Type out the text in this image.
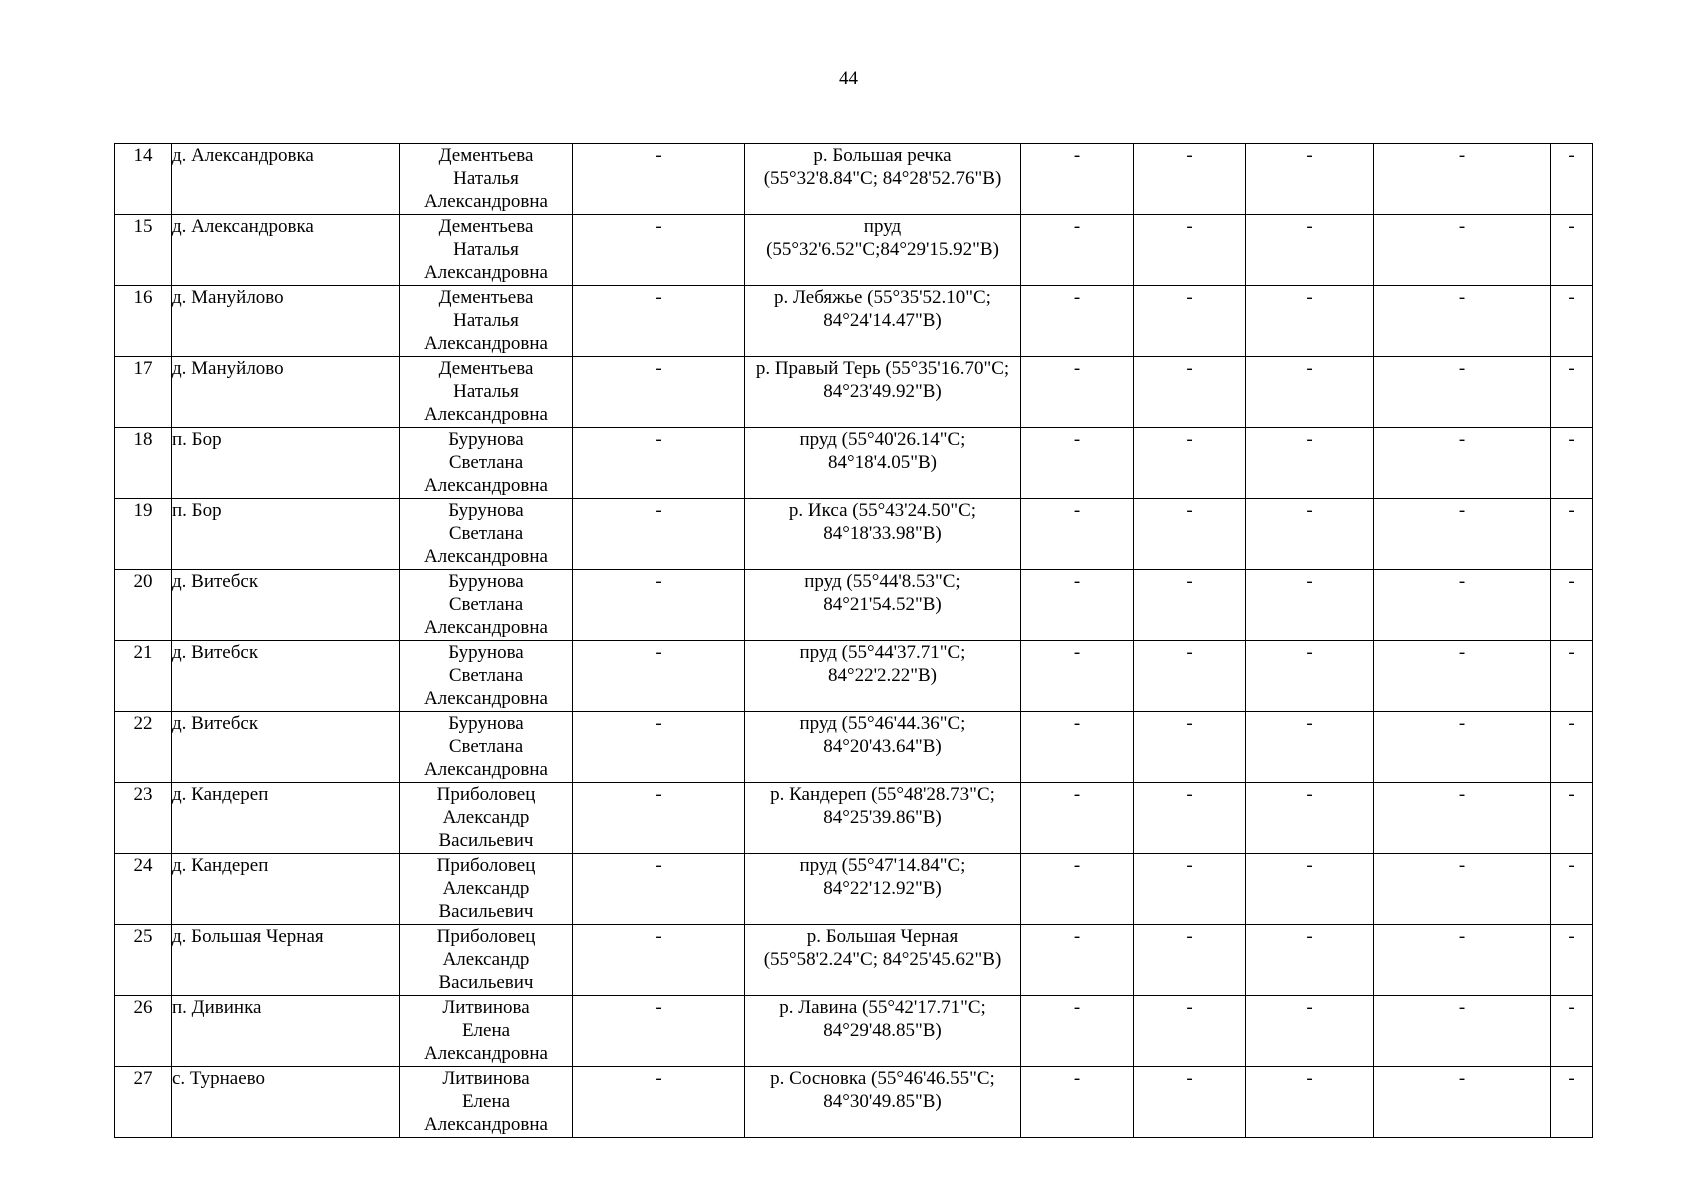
44
14	д. Александровка	Дементьева
Наталья
Александровна	-	р. Большая речка
(55°32'8.84"С; 84°28'52.76"В)	-	-	-	-	-
15	д. Александровка	Дементьева
Наталья
Александровна	-	пруд
(55°32'6.52"С;84°29'15.92"В)	-	-	-	-	-
16	д. Мануйлово	Дементьева
Наталья
Александровна	-	р. Лебяжье (55°35'52.10"С;
84°24'14.47"В)	-	-	-	-	-
17	д. Мануйлово	Дементьева
Наталья
Александровна	-	р. Правый Терь (55°35'16.70"С;
84°23'49.92"В)	-	-	-	-	-
18	п. Бор	Бурунова
Светлана
Александровна	-	пруд (55°40'26.14"С;
84°18'4.05"В)	-	-	-	-	-
19	п. Бор	Бурунова
Светлана
Александровна	-	р. Икса (55°43'24.50"С;
84°18'33.98"В)	-	-	-	-	-
20	д. Витебск	Бурунова
Светлана
Александровна	-	пруд (55°44'8.53"С;
84°21'54.52"В)	-	-	-	-	-
21	д. Витебск	Бурунова
Светлана
Александровна	-	пруд (55°44'37.71"С;
84°22'2.22"В)	-	-	-	-	-
22	д. Витебск	Бурунова
Светлана
Александровна	-	пруд (55°46'44.36"С;
84°20'43.64"В)	-	-	-	-	-
23	д. Кандереп	Приболовец
Александр
Васильевич	-	р. Кандереп (55°48'28.73"С;
84°25'39.86"В)	-	-	-	-	-
24	д. Кандереп	Приболовец
Александр
Васильевич	-	пруд (55°47'14.84"С;
84°22'12.92"В)	-	-	-	-	-
25	д. Большая Черная	Приболовец
Александр
Васильевич	-	р. Большая Черная
(55°58'2.24"С; 84°25'45.62"В)	-	-	-	-	-
26	п. Дивинка	Литвинова
Елена
Александровна	-	р. Лавина (55°42'17.71"С;
84°29'48.85"В)	-	-	-	-	-
27	с. Турнаево	Литвинова
Елена
Александровна	-	р. Сосновка (55°46'46.55"С;
84°30'49.85"В)	-	-	-	-	-
